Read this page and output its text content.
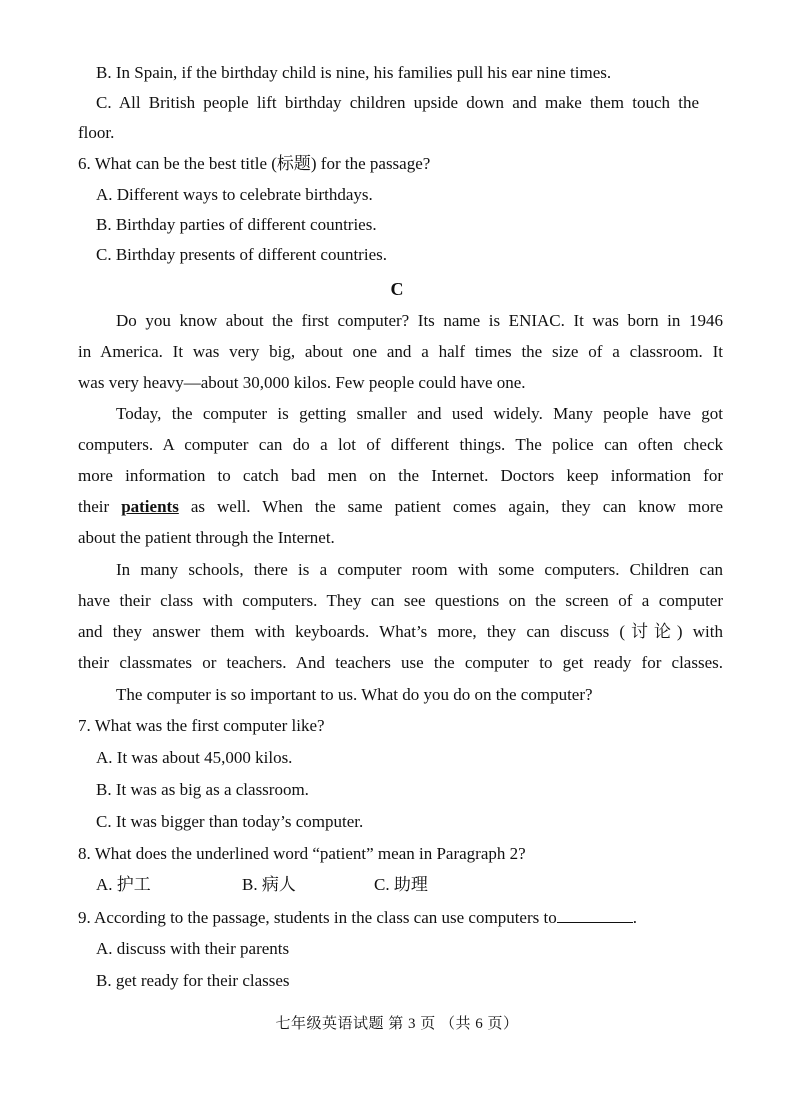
B. In Spain, if the birthday child is nine, his families pull his ear nine times.
C. All British people lift birthday children upside down and make them touch the
floor.
6. What can be the best title (标题) for the passage?
A. Different ways to celebrate birthdays.
B. Birthday parties of different countries.
C. Birthday presents of different countries.
C
Do you know about the first computer? Its name is ENIAC. It was born in 1946
in America. It was very big, about one and a half times the size of a classroom. It
was very heavy—about 30,000 kilos. Few people could have one.
Today, the computer is getting smaller and used widely. Many people have got
computers. A computer can do a lot of different things. The police can often check
more information to catch bad men on the Internet. Doctors keep information for
their patients as well. When the same patient comes again, they can know more
about the patient through the Internet.
In many schools, there is a computer room with some computers. Children can
have their class with computers. They can see questions on the screen of a computer
and they answer them with keyboards. What’s more, they can discuss (讨论) with
their classmates or teachers. And teachers use the computer to get ready for classes.
The computer is so important to us. What do you do on the computer?
7. What was the first computer like?
A. It was about 45,000 kilos.
B. It was as big as a classroom.
C. It was bigger than today’s computer.
8. What does the underlined word “patient” mean in Paragraph 2?
A. 护工	B. 病人	C. 助理
9. According to the passage, students in the class can use computers to	.
A. discuss with their parents
B. get ready for their classes
七年级英语试题 第 3 页 （共 6 页）
